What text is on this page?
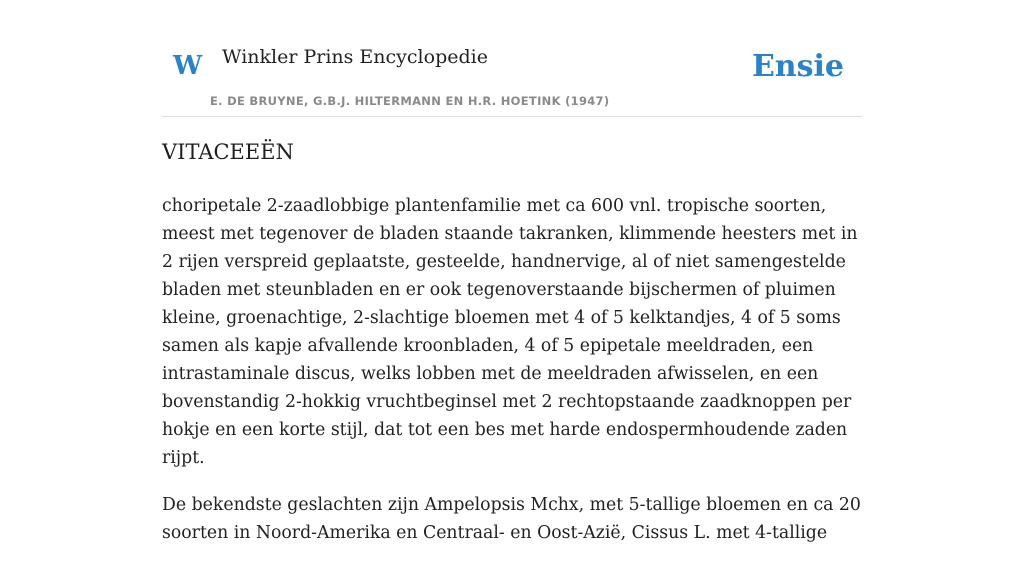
W Winkler Prins Encyclopedie
E. DE BRUYNE, G.B.J. HILTERMANN EN H.R. HOETINK (1947)
Ensie
VITACEEËN

choripetale 2-zaadlobbige plantenfamilie met ca 600 vnl. tropische soorten, meest met tegenover de bladen staande takranken, klimmende heesters met in 2 rijen verspreid geplaatste, gesteelde, handnervige, al of niet samengestelde bladen met steunbladen en er ook tegenoverstaande bijschermen of pluimen kleine, groenachtige, 2-slachtige bloemen met 4 of 5 kelktandjes, 4 of 5 soms samen als kapje afvallende kroonbladen, 4 of 5 epipetale meeldraden, een intrastaminale discus, welks lobben met de meeldraden afwisselen, en een bovenstandig 2-hokkig vruchtbeginsel met 2 rechtopstaande zaadknoppen per hokje en een korte stijl, dat tot een bes met harde endospermhoudende zaden rijpt.

De bekendste geslachten zijn Ampelopsis Mchx, met 5-tallige bloemen en ca 20 soorten in Noord-Amerika en Centraal- en Oost-Azië, Cissus L. met 4-tallige
